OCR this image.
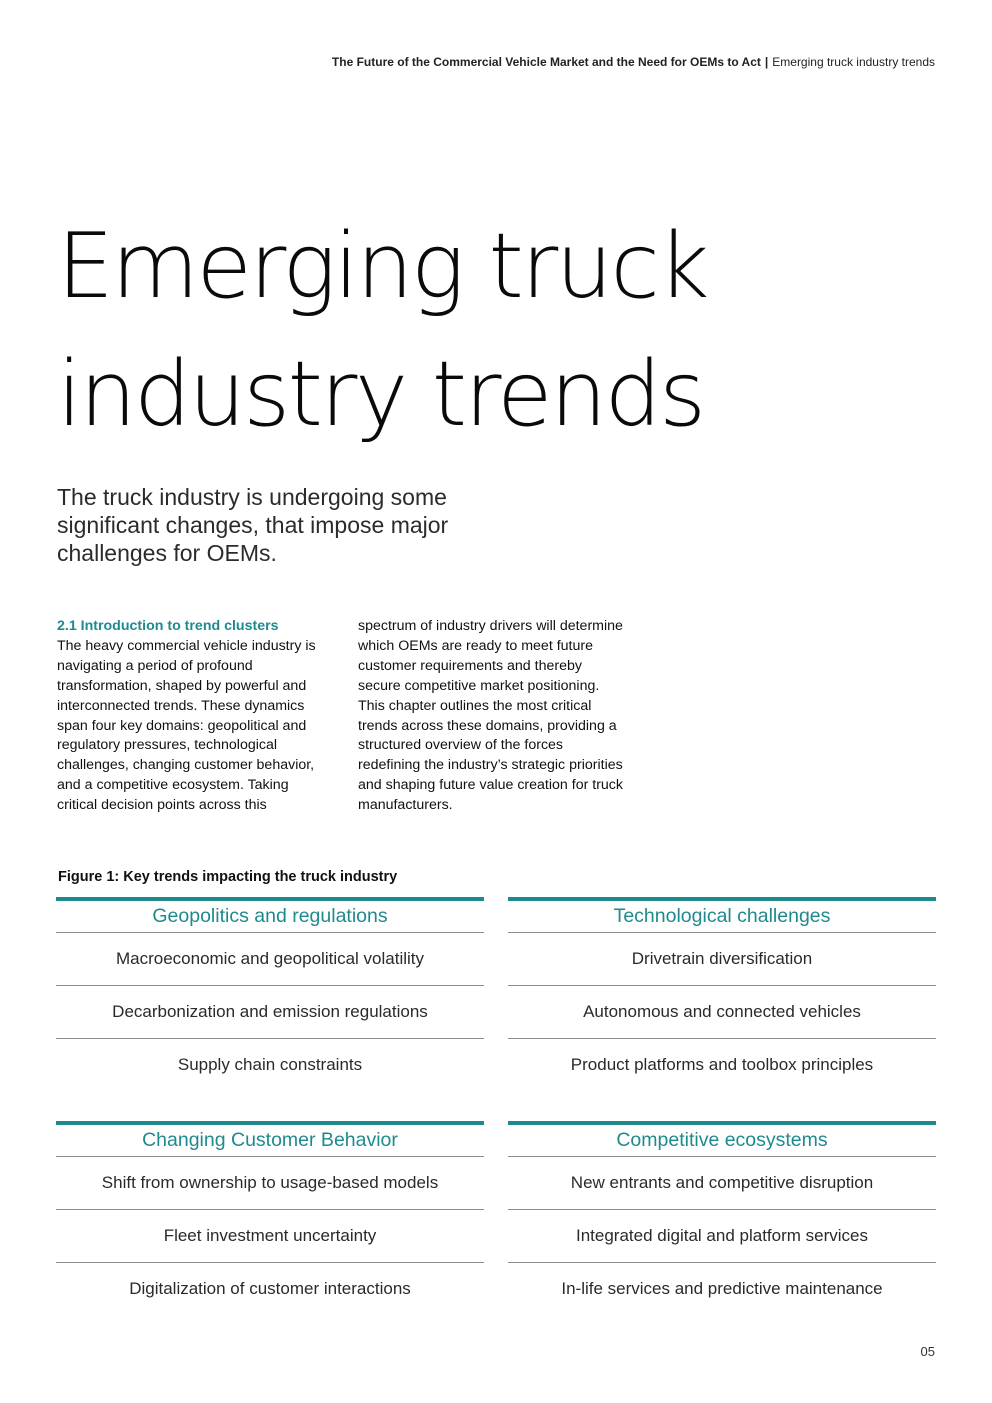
The Future of the Commercial Vehicle Market and the Need for OEMs to Act | Emerging truck industry trends
Emerging truck
industry trends
The truck industry is undergoing some
significant changes, that impose major
challenges for OEMs.
2.1 Introduction to trend clusters
The heavy commercial vehicle industry is
navigating a period of profound
transformation, shaped by powerful and
interconnected trends. These dynamics
span four key domains: geopolitical and
regulatory pressures, technological
challenges, changing customer behavior,
and a competitive ecosystem. Taking
critical decision points across this
spectrum of industry drivers will determine
which OEMs are ready to meet future
customer requirements and thereby
secure competitive market positioning.
This chapter outlines the most critical
trends across these domains, providing a
structured overview of the forces
redefining the industry’s strategic priorities
and shaping future value creation for truck
manufacturers.
Figure 1: Key trends impacting the truck industry
Geopolitics and regulations
Macroeconomic and geopolitical volatility
Decarbonization and emission regulations
Supply chain constraints
Technological challenges
Drivetrain diversification
Autonomous and connected vehicles
Product platforms and toolbox principles
Changing Customer Behavior
Shift from ownership to usage-based models
Fleet investment uncertainty
Digitalization of customer interactions
Competitive ecosystems
New entrants and competitive disruption
Integrated digital and platform services
In-life services and predictive maintenance
05
